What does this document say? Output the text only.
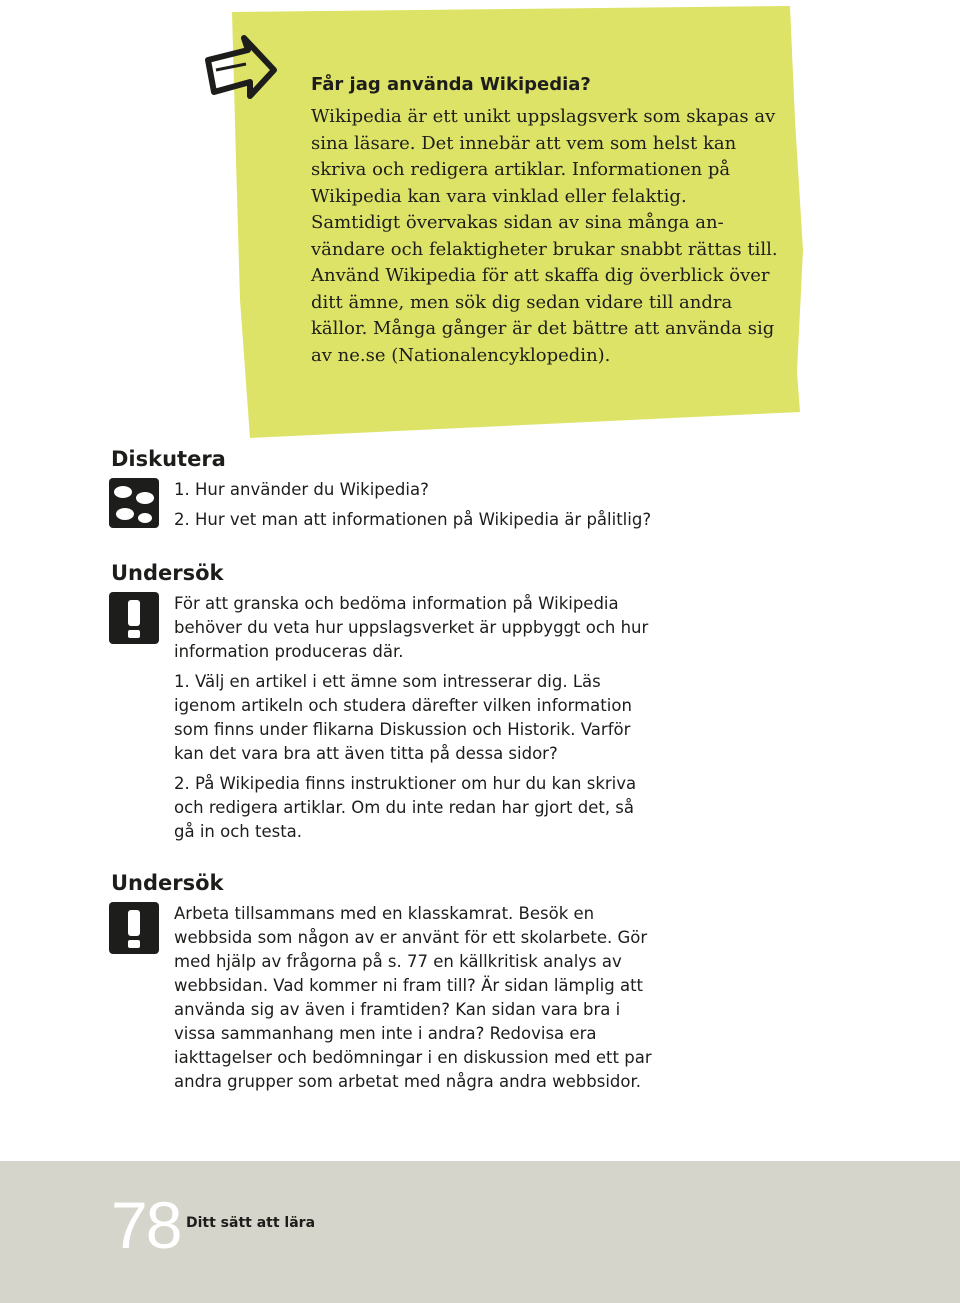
Får jag använda Wikipedia?

Wikipedia är ett unikt uppslagsverk som skapas av sina läsare. Det innebär att vem som helst kan skriva och redigera artiklar. Informationen på Wikipedia kan vara vinklad eller felaktig. Samtidigt övervakas sidan av sina många användare och felaktigheter brukar snabbt rättas till. Använd Wikipedia för att skaffa dig överblick över ditt ämne, men sök dig sedan vidare till andra källor. Många gånger är det bättre att använda sig av ne.se (Nationalencyklopedin).

Diskutera

1. Hur använder du Wikipedia?

2. Hur vet man att informationen på Wikipedia är pålitlig?

Undersök

För att granska och bedöma information på Wikipedia behöver du veta hur uppslagsverket är uppbyggt och hur information produceras där.

1. Välj en artikel i ett ämne som intresserar dig. Läs igenom artikeln och studera därefter vilken information som finns under flikarna Diskussion och Historik. Varför kan det vara bra att även titta på dessa sidor?

2. På Wikipedia finns instruktioner om hur du kan skriva och redigera artiklar. Om du inte redan har gjort det, så gå in och testa.

Undersök

Arbeta tillsammans med en klasskamrat. Besök en webbsida som någon av er använt för ett skolarbete. Gör med hjälp av frågorna på s. 77 en källkritisk analys av webbsidan. Vad kommer ni fram till? Är sidan lämplig att använda sig av även i framtiden? Kan sidan vara bra i vissa sammanhang men inte i andra? Redovisa era iakttagelser och bedömningar i en diskussion med ett par andra grupper som arbetat med några andra webbsidor.

78 Ditt sätt att lära
